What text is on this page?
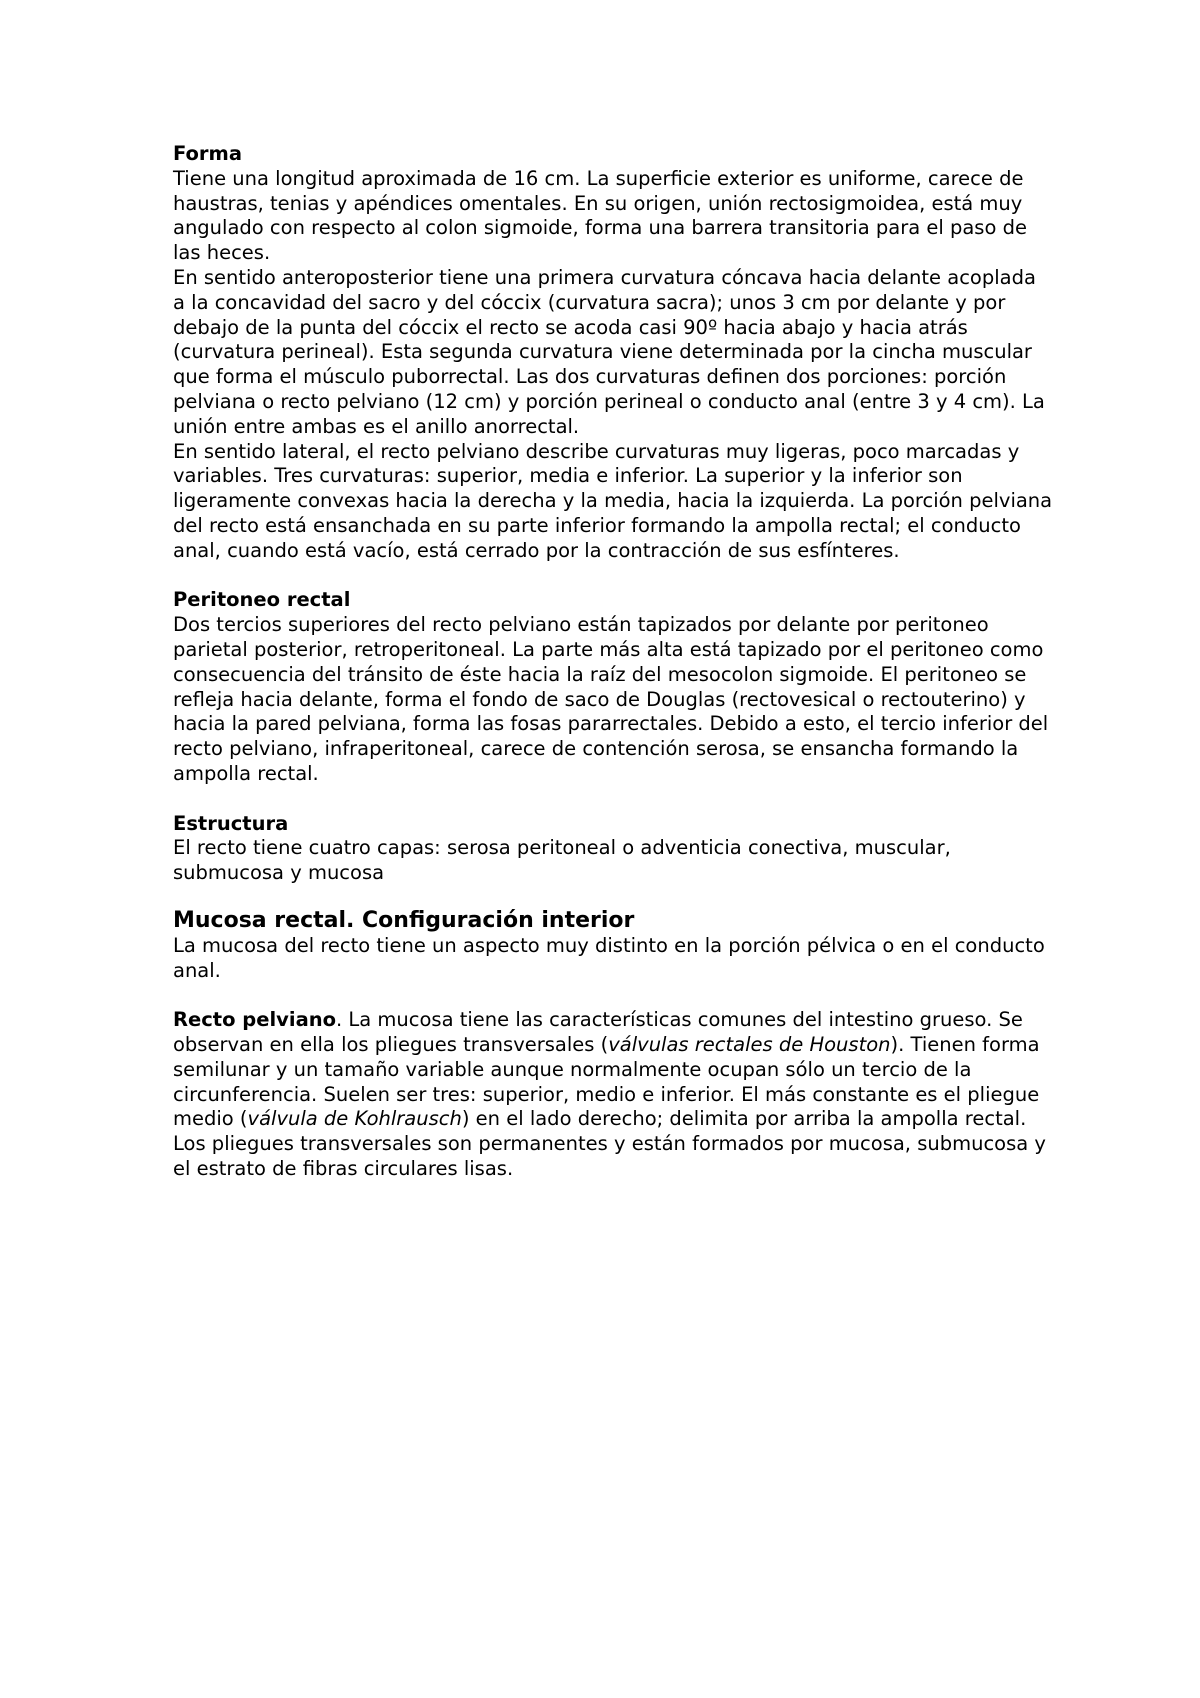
Forma

Tiene una longitud aproximada de 16 cm. La superficie exterior es uniforme, carece de haustras, tenias y apéndices omentales. En su origen, unión rectosigmoidea, está muy angulado con respecto al colon sigmoide, forma una barrera transitoria para el paso de las heces.

En sentido anteroposterior tiene una primera curvatura cóncava hacia delante acoplada a la concavidad del sacro y del cóccix (curvatura sacra); unos 3 cm por delante y por debajo de la punta del cóccix el recto se acoda casi 90º hacia abajo y hacia atrás (curvatura perineal). Esta segunda curvatura viene determinada por la cincha muscular que forma el músculo puborrectal. Las dos curvaturas definen dos porciones: porción pelviana o recto pelviano (12 cm) y porción perineal o conducto anal (entre 3 y 4 cm). La unión entre ambas es el anillo anorrectal.

En sentido lateral, el recto pelviano describe curvaturas muy ligeras, poco marcadas y variables. Tres curvaturas: superior, media e inferior. La superior y la inferior son ligeramente convexas hacia la derecha y la media, hacia la izquierda. La porción pelviana del recto está ensanchada en su parte inferior formando la ampolla rectal; el conducto anal, cuando está vacío, está cerrado por la contracción de sus esfínteres.

Peritoneo rectal

Dos tercios superiores del recto pelviano están tapizados por delante por peritoneo parietal posterior, retroperitoneal. La parte más alta está tapizado por el peritoneo como consecuencia del tránsito de éste hacia la raíz del mesocolon sigmoide. El peritoneo se refleja hacia delante, forma el fondo de saco de Douglas (rectovesical o rectouterino) y hacia la pared pelviana, forma las fosas pararrectales. Debido a esto, el tercio inferior del recto pelviano, infraperitoneal, carece de contención serosa, se ensancha formando la ampolla rectal.

Estructura

El recto tiene cuatro capas: serosa peritoneal o adventicia conectiva, muscular, submucosa y mucosa

Mucosa rectal. Configuración interior

La mucosa del recto tiene un aspecto muy distinto en la porción pélvica o en el conducto anal.

Recto pelviano. La mucosa tiene las características comunes del intestino grueso. Se observan en ella los pliegues transversales (válvulas rectales de Houston). Tienen forma semilunar y un tamaño variable aunque normalmente ocupan sólo un tercio de la circunferencia. Suelen ser tres: superior, medio e inferior. El más constante es el pliegue medio (válvula de Kohlrausch) en el lado derecho; delimita por arriba la ampolla rectal. Los pliegues transversales son permanentes y están formados por mucosa, submucosa y el estrato de fibras circulares lisas.
